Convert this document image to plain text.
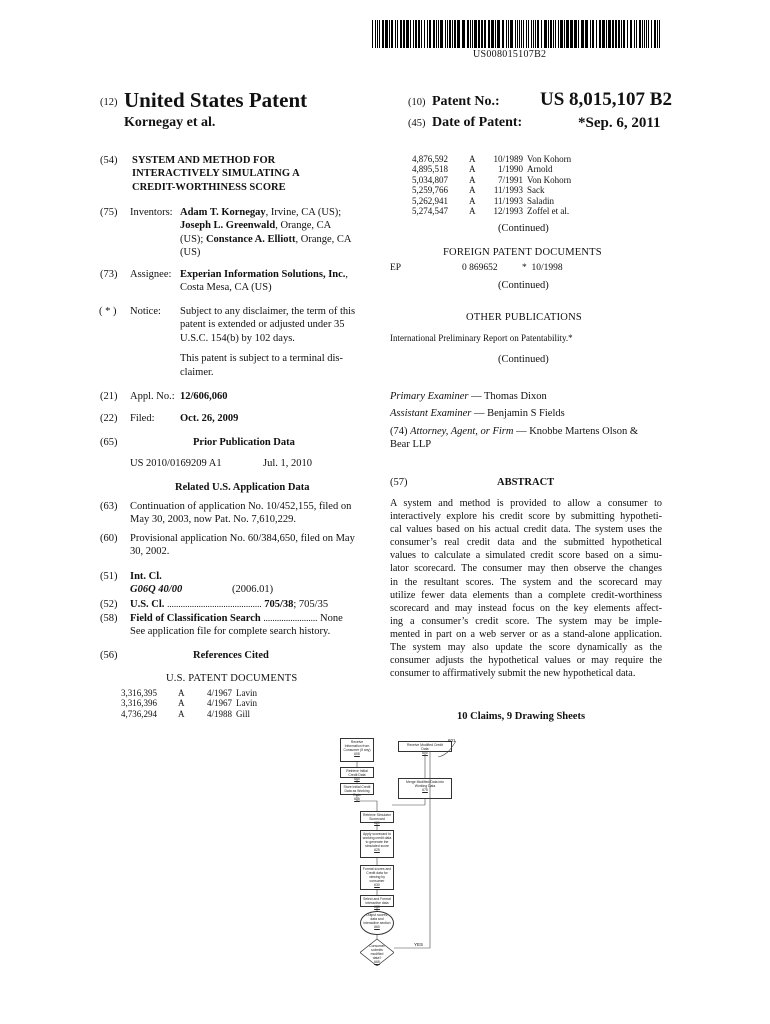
US008015107B2
(12) United States Patent
Kornegay et al.
(10) Patent No.: US 8,015,107 B2
(45) Date of Patent:	*Sep. 6, 2011
(54) SYSTEM AND METHOD FOR
INTERACTIVELY SIMULATING A
CREDIT-WORTHINESS SCORE
(75) Inventors: Adam T. Kornegay, Irvine, CA (US);
Joseph L. Greenwald, Orange, CA
(US); Constance A. Elliott, Orange, CA
(US)
(73) Assignee: Experian Information Solutions, Inc.,
Costa Mesa, CA (US)
( * ) Notice: Subject to any disclaimer, the term of this
patent is extended or adjusted under 35
U.S.C. 154(b) by 102 days.
This patent is subject to a terminal dis-
claimer.
(21) Appl. No.: 12/606,060
(22) Filed: Oct. 26, 2009
(65)	Prior Publication Data
US 2010/0169209 A1	Jul. 1, 2010
Related U.S. Application Data
(63) Continuation of application No. 10/452,155, filed on
May 30, 2003, now Pat. No. 7,610,229.
(60) Provisional application No. 60/384,650, filed on May
30, 2002.
(51) Int. Cl.
G06Q 40/00	(2006.01)
(52) U.S. Cl. .......................................... 705/38; 705/35
(58) Field of Classification Search ........................ None
See application file for complete search history.
(56)	References Cited
U.S. PATENT DOCUMENTS
3,316,395	A	4/1967 Lavin
3,316,396	A	4/1967 Lavin
4,736,294	A	4/1988 Gill
4,876,592	A	10/1989 Von Kohorn
4,895,518	A	1/1990 Arnold
5,034,807	A	7/1991 Von Kohorn
5,259,766	A	11/1993 Sack
5,262,941	A	11/1993 Saladin
5,274,547	A	12/1993 Zoffel et al.
(Continued)
FOREIGN PATENT DOCUMENTS
EP	0 869652	*  10/1998
(Continued)
OTHER PUBLICATIONS
International Preliminary Report on Patentability.*
(Continued)
Primary Examiner — Thomas Dixon
Assistant Examiner — Benjamin S Fields
(74) Attorney, Agent, or Firm — Knobbe Martens Olson &
Bear LLP
(57)	ABSTRACT
A system and method is provided to allow a consumer to
interactively explore his credit score by submitting hypotheti-
cal values based on his actual credit data. The system uses the
consumer’s real credit data and the submitted hypothetical
values to calculate a simulated credit score based on a simu-
lator scorecard. The consumer may then observe the changes
in the resultant scores. The system and the scorecard may
utilize fewer data elements than a complete credit-worthiness
scorecard and may instead focus on the key elements affect-
ing a consumer’s credit score. The system may be imple-
mented in part on a web server or as a stand-alone application.
The system may also update the score dynamically as the
consumer adjusts the hypothetical values or may require the
consumer to affirmatively submit the new hypothetical data.
10 Claims, 9 Drawing Sheets
Receive
Information from
Consumer (if any)
605
Retrieve Initial
Credit Data
610
Store Initial Credit
Data as Working
Data
615
Receive Modified Credit
Data
670
Merge Modified Data into
Working Data
675
Retrieve Simulator
Scorecard
620
Apply scorecard to
working credit data
to generate the
simulated score
625
Format scores and
Credit data for
viewing by
consumer
630
Select and Format
interactive data
635
Output scores,
data and
interactive section
660
Consumer
submits
modified
data?
665
601
YES
